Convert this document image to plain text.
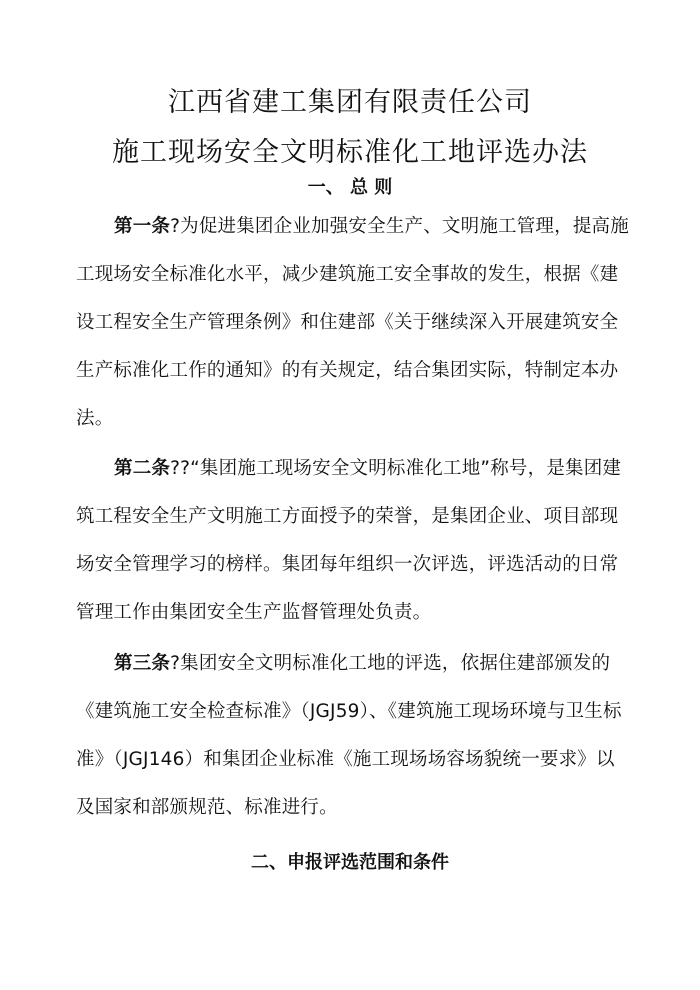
江西省建工集团有限责任公司
施工现场安全文明标准化工地评选办法
一、 总 则
第一条?为促进集团企业加强安全生产、文明施工管理，提高施工现场安全标准化水平，减少建筑施工安全事故的发生，根据《建设工程安全生产管理条例》和住建部《关于继续深入开展建筑安全生产标准化工作的通知》的有关规定，结合集团实际，特制定本办法。
第二条??“集团施工现场安全文明标准化工地”称号，是集团建筑工程安全生产文明施工方面授予的荣誉，是集团企业、项目部现场安全管理学习的榜样。集团每年组织一次评选，评选活动的日常管理工作由集团安全生产监督管理处负责。
第三条?集团安全文明标准化工地的评选，依据住建部颁发的《建筑施工安全检查标准》（JGJ59）、《建筑施工现场环境与卫生标准》（JGJ146）和集团企业标准《施工现场场容场貌统一要求》以及国家和部颁规范、标准进行。
二、申报评选范围和条件
